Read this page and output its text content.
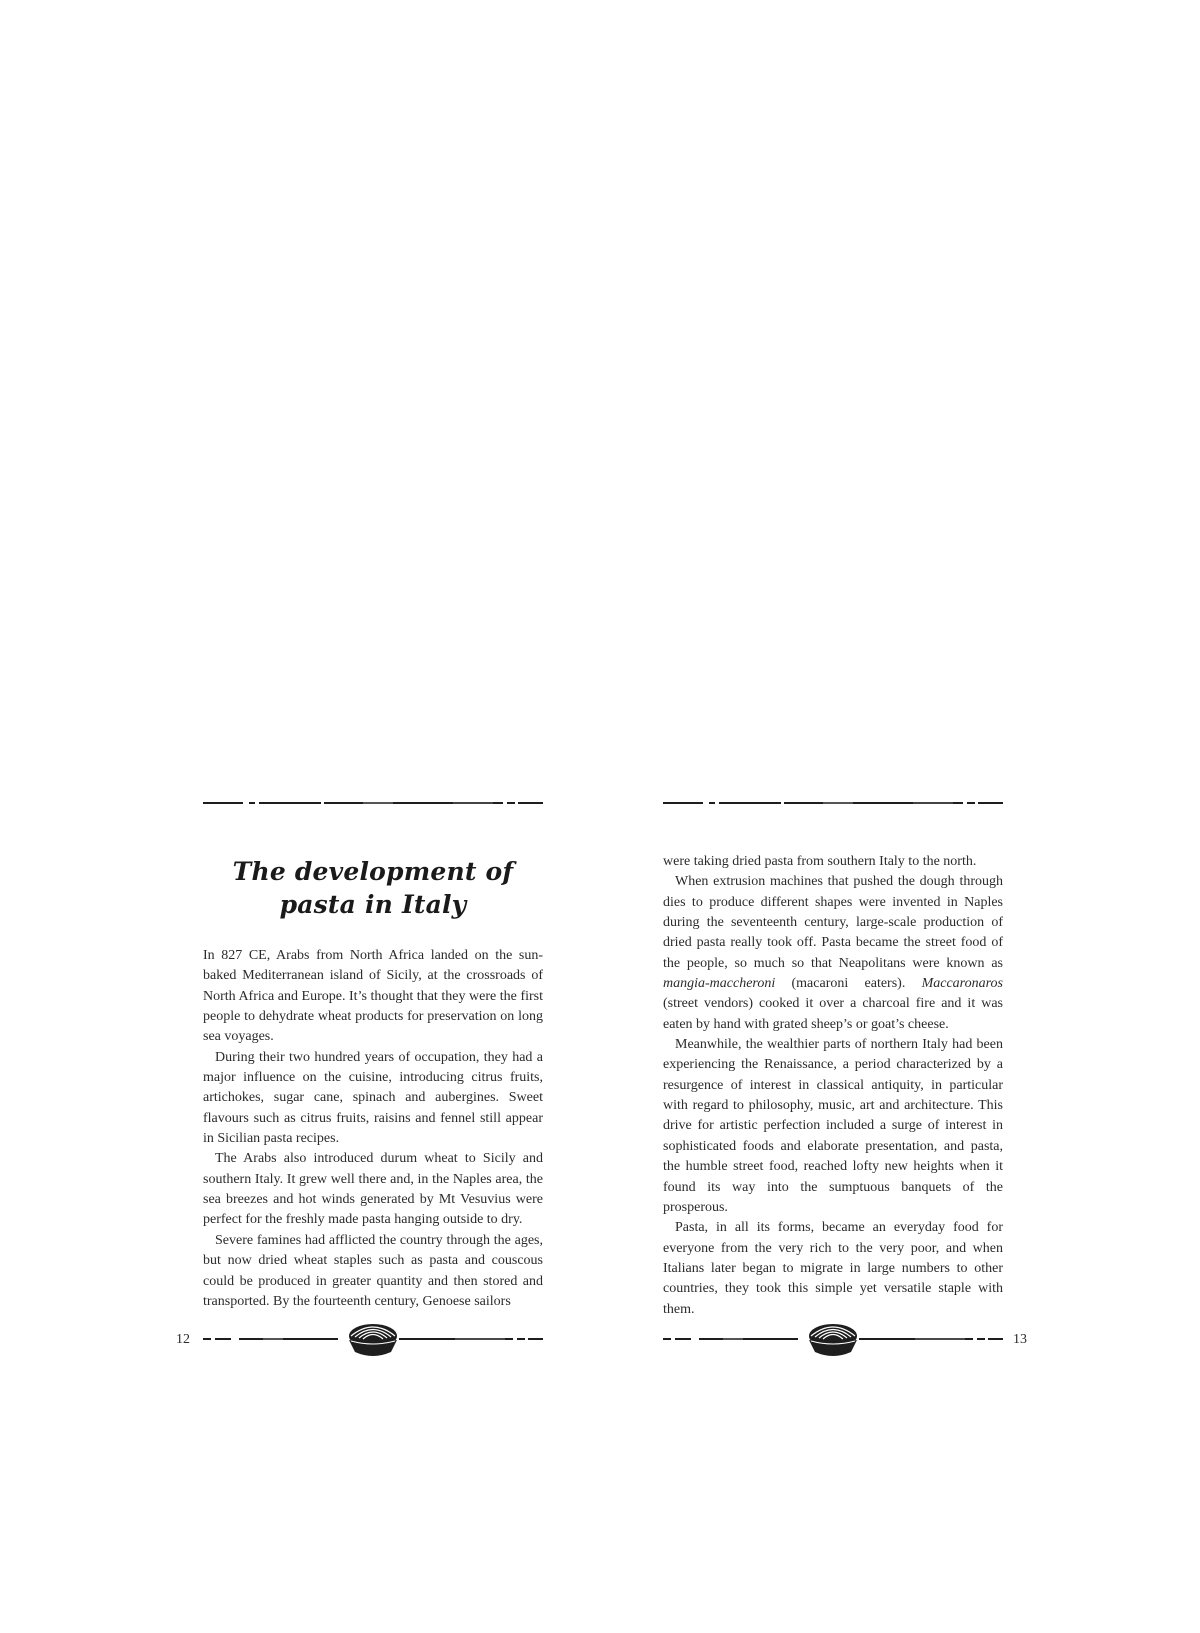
The development of
pasta in Italy

In 827 CE, Arabs from North Africa landed on the sun-baked Mediterranean island of Sicily, at the crossroads of North Africa and Europe. It’s thought that they were the first people to dehydrate wheat products for preservation on long sea voyages.

During their two hundred years of occupation, they had a major influence on the cuisine, introducing citrus fruits, artichokes, sugar cane, spinach and aubergines. Sweet flavours such as citrus fruits, raisins and fennel still appear in Sicilian pasta recipes.

The Arabs also introduced durum wheat to Sicily and southern Italy. It grew well there and, in the Naples area, the sea breezes and hot winds generated by Mt Vesuvius were perfect for the freshly made pasta hanging outside to dry.

Severe famines had afflicted the country through the ages, but now dried wheat staples such as pasta and couscous could be produced in greater quantity and then stored and transported. By the fourteenth century, Genoese sailors

12

were taking dried pasta from southern Italy to the north.

When extrusion machines that pushed the dough through dies to produce different shapes were invented in Naples during the seventeenth century, large-scale production of dried pasta really took off. Pasta became the street food of the people, so much so that Neapolitans were known as mangia-maccheroni (macaroni eaters). Maccaronaros (street vendors) cooked it over a charcoal fire and it was eaten by hand with grated sheep’s or goat’s cheese.

Meanwhile, the wealthier parts of northern Italy had been experiencing the Renaissance, a period characterized by a resurgence of interest in classical antiquity, in particular with regard to philosophy, music, art and architecture. This drive for artistic perfection included a surge of interest in sophisticated foods and elaborate presentation, and pasta, the humble street food, reached lofty new heights when it found its way into the sumptuous banquets of the prosperous.

Pasta, in all its forms, became an everyday food for everyone from the very rich to the very poor, and when Italians later began to migrate in large numbers to other countries, they took this simple yet versatile staple with them.

13
